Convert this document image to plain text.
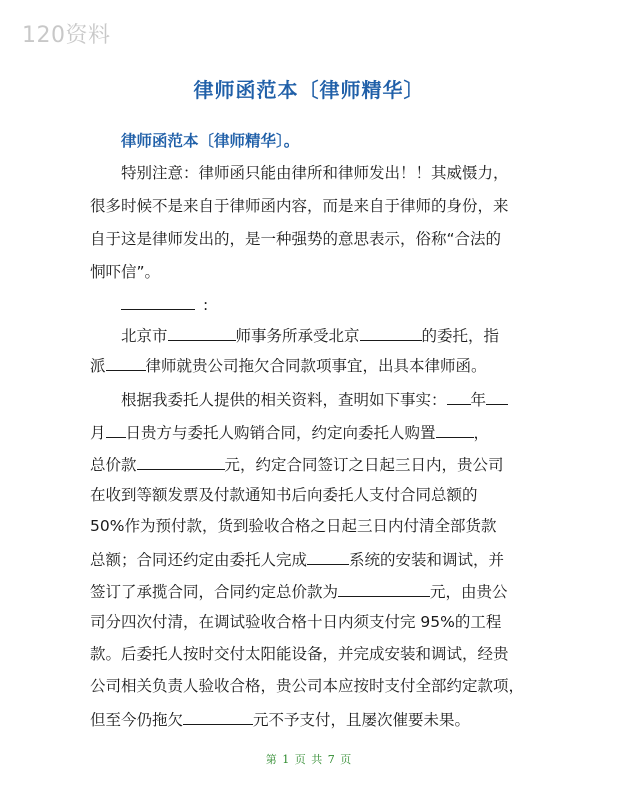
120资料
律师函范本〔律师精华〕
律师函范本〔律师精华〕。
特别注意：律师函只能由律所和律师发出！！其威慑力，
很多时候不是来自于律师函内容，而是来自于律师的身份，来
自于这是律师发出的，是一种强势的意思表示，俗称“合法的
恫吓信”。
:
北京市	师事务所承受北京	的委托，指
派	律师就贵公司拖欠合同款项事宜，出具本律师函。
根据我委托人提供的相关资料，查明如下事实： 年
月 日贵方与委托人购销合同，约定向委托人购置 ，
总价款	元，约定合同签订之日起三日内，贵公司
在收到等额发票及付款通知书后向委托人支付合同总额的
50%作为预付款，货到验收合格之日起三日内付清全部货款
总额；合同还约定由委托人完成	系统的安装和调试，并
签订了承揽合同，合同约定总价款为	元，由贵公
司分四次付清，在调试验收合格十日内须支付完 95%的工程
款。后委托人按时交付太阳能设备，并完成安装和调试，经贵
公司相关负责人验收合格，贵公司本应按时支付全部约定款项，
但至今仍拖欠	元不予支付，且屡次催要未果。
第 1 页 共 7 页
